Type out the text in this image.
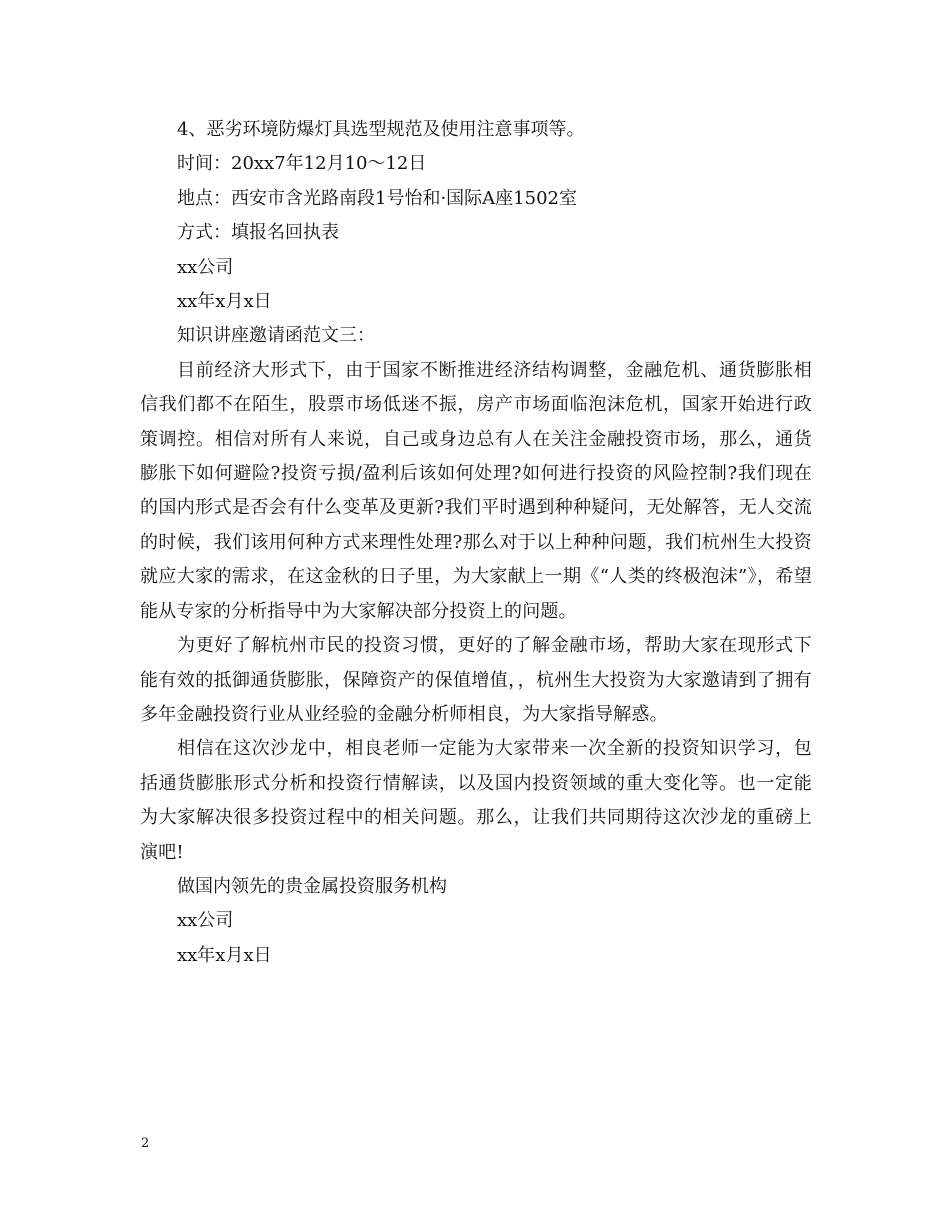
4、恶劣环境防爆灯具选型规范及使用注意事项等。

时间：20xx7年12月10～12日

地点：西安市含光路南段1号怡和·国际A座1502室

方式：填报名回执表

xx公司

xx年x月x日

知识讲座邀请函范文三：

目前经济大形式下，由于国家不断推进经济结构调整，金融危机、通货膨胀相信我们都不在陌生，股票市场低迷不振，房产市场面临泡沫危机，国家开始进行政策调控。相信对所有人来说，自己或身边总有人在关注金融投资市场，那么，通货膨胀下如何避险?投资亏损/盈利后该如何处理?如何进行投资的风险控制?我们现在的国内形式是否会有什么变革及更新?我们平时遇到种种疑问，无处解答，无人交流的时候，我们该用何种方式来理性处理?那么对于以上种种问题，我们杭州生大投资就应大家的需求，在这金秋的日子里，为大家献上一期《“人类的终极泡沫”》，希望能从专家的分析指导中为大家解决部分投资上的问题。

为更好了解杭州市民的投资习惯，更好的了解金融市场，帮助大家在现形式下能有效的抵御通货膨胀，保障资产的保值增值，，杭州生大投资为大家邀请到了拥有多年金融投资行业从业经验的金融分析师相良，为大家指导解惑。

相信在这次沙龙中，相良老师一定能为大家带来一次全新的投资知识学习，包括通货膨胀形式分析和投资行情解读，以及国内投资领域的重大变化等。也一定能为大家解决很多投资过程中的相关问题。那么，让我们共同期待这次沙龙的重磅上演吧!

做国内领先的贵金属投资服务机构

xx公司

xx年x月x日

2
